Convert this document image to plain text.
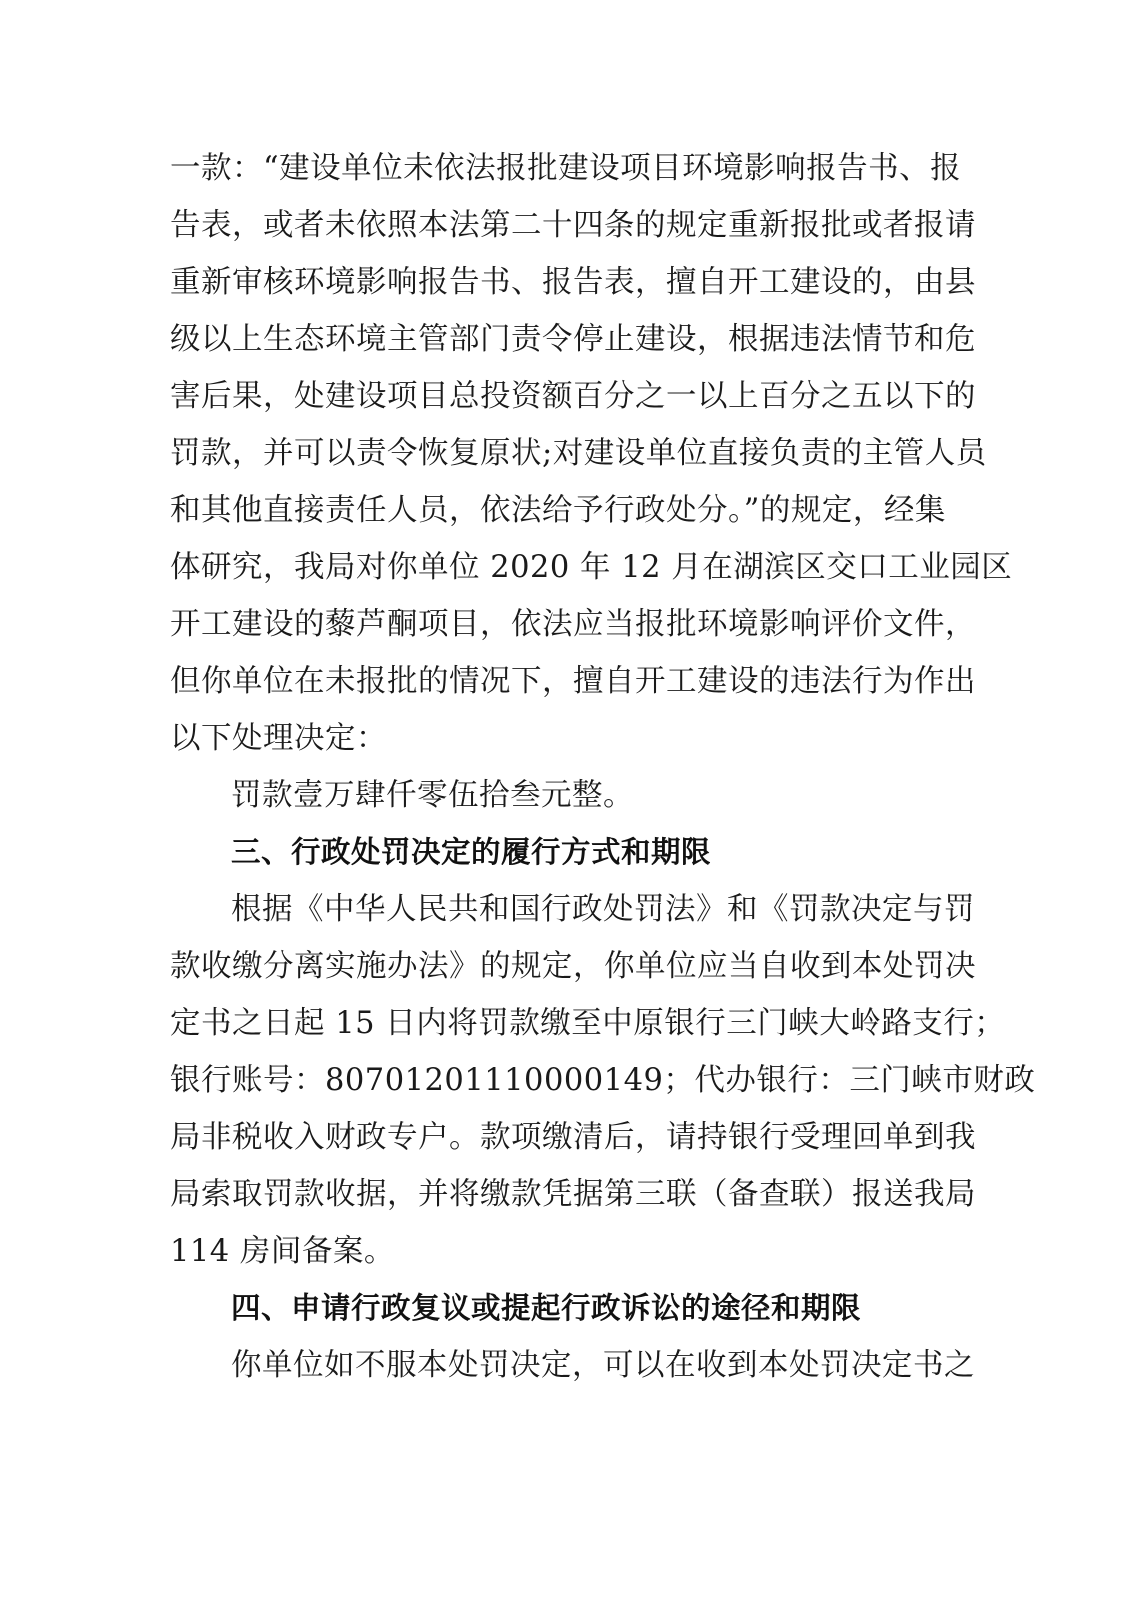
一款：“建设单位未依法报批建设项目环境影响报告书、报
告表，或者未依照本法第二十四条的规定重新报批或者报请
重新审核环境影响报告书、报告表，擅自开工建设的，由县
级以上生态环境主管部门责令停止建设，根据违法情节和危
害后果，处建设项目总投资额百分之一以上百分之五以下的
罚款，并可以责令恢复原状;对建设单位直接负责的主管人员
和其他直接责任人员，依法给予行政处分。”的规定，经集
体研究，我局对你单位 2020 年 12 月在湖滨区交口工业园区
开工建设的藜芦酮项目，依法应当报批环境影响评价文件，
但你单位在未报批的情况下，擅自开工建设的违法行为作出
以下处理决定：
罚款壹万肆仟零伍拾叁元整。
三、行政处罚决定的履行方式和期限
根据《中华人民共和国行政处罚法》和《罚款决定与罚
款收缴分离实施办法》的规定，你单位应当自收到本处罚决
定书之日起 15 日内将罚款缴至中原银行三门峡大岭路支行；
银行账号：80701201110000149；代办银行：三门峡市财政
局非税收入财政专户。款项缴清后，请持银行受理回单到我
局索取罚款收据，并将缴款凭据第三联（备查联）报送我局
114 房间备案。
四、申请行政复议或提起行政诉讼的途径和期限
你单位如不服本处罚决定，可以在收到本处罚决定书之
